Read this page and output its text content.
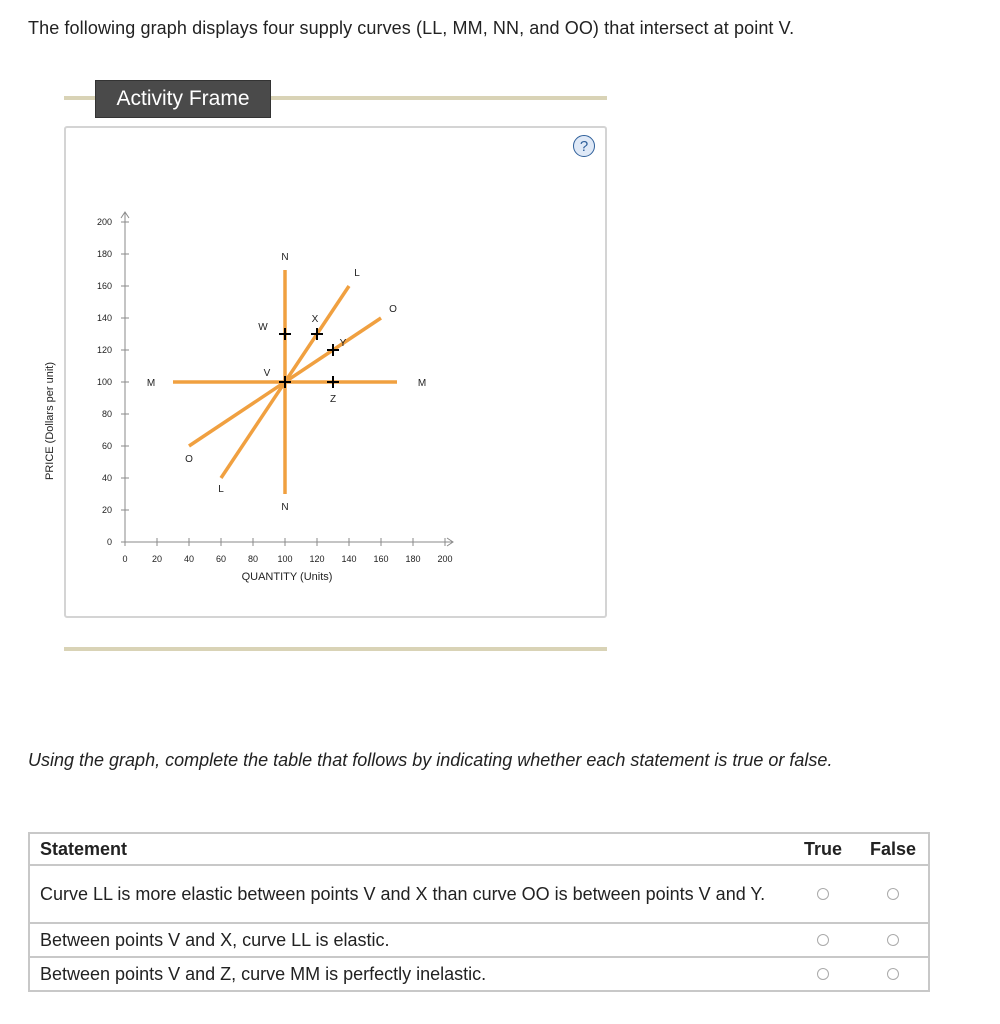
The following graph displays four supply curves (LL, MM, NN, and OO) that intersect at point V.
Activity Frame
?
0	20 40 60 80 100 120 140 160 180 200
0
20
40
60
80
100
120
140
160
180
200
QUANTITY (Units)
L
L
M	M
N
N
O
O
V
W
X
Y
Z
PRICE (Dollars per unit)
Using the graph, complete the table that follows by indicating whether each statement is true or false.
Statement	True	False
Curve LL is more elastic between points V and X than curve OO is between points V and Y.		
Between points V and X, curve LL is elastic.		
Between points V and Z, curve MM is perfectly inelastic.		
